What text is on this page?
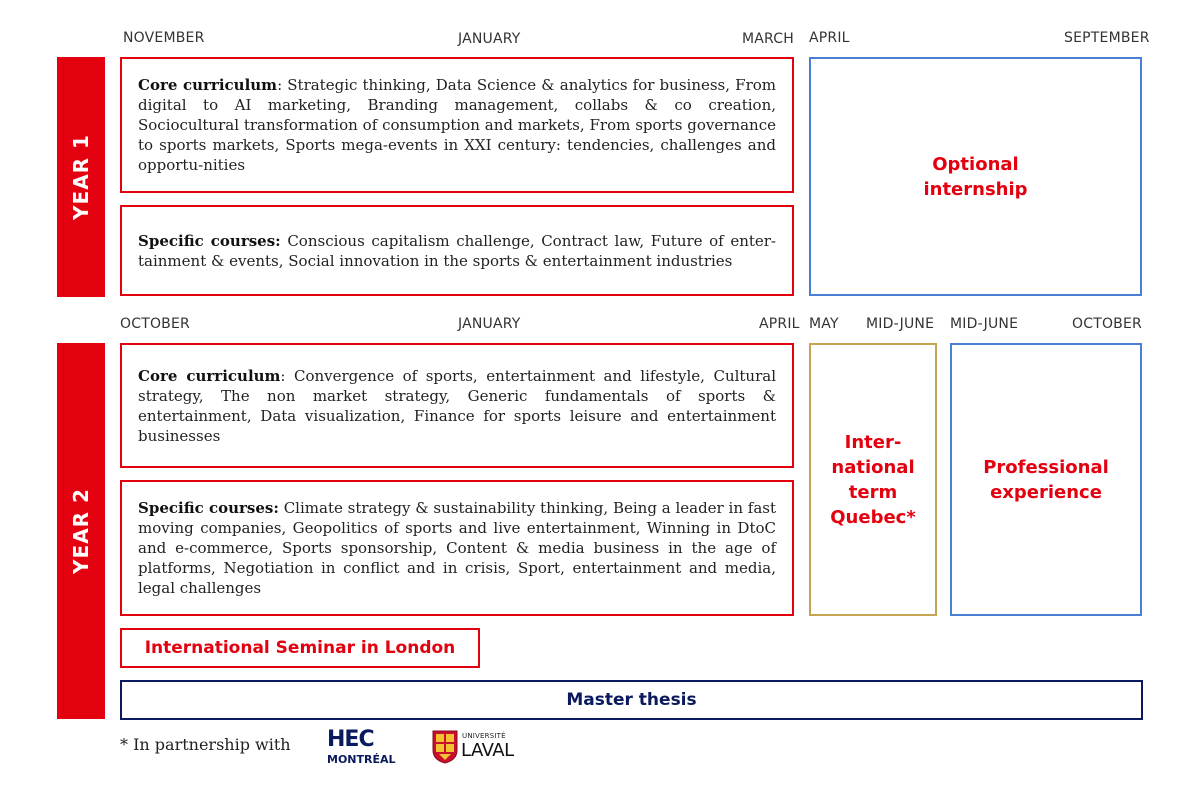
NOVEMBER	JANUARY	MARCH APRIL	SEPTEMBER
YEAR 1

Core curriculum: Strategic thinking, Data Science & analytics for business, From digital to AI marketing, Branding management, collabs & co creation, Sociocultural transformation of consumption and markets, From sports governance to sports markets, Sports mega-events in XXI century: tendencies, challenges and opportu-nities

Specific courses: Conscious capitalism challenge, Contract law, Future of enter-tainment & events, Social innovation in the sports & entertainment industries

Optional
internship
OCTOBER	JANUARY	APRIL MAY MID-JUNE MID-JUNE	OCTOBER
YEAR 2

Core curriculum: Convergence of sports, entertainment and lifestyle, Cultural strategy, The non market strategy, Generic fundamentals of sports & entertainment, Data visualization, Finance for sports leisure and entertainment businesses

Specific courses: Climate strategy & sustainability thinking, Being a leader in fast moving companies, Geopolitics of sports and live entertainment, Winning in DtoC and e-commerce, Sports sponsorship, Content & media business in the age of platforms, Negotiation in conflict and in crisis, Sport, entertainment and media, legal challenges

Inter-
national
term
Quebec*
Professional
experience
International Seminar in London
Master thesis
* In partnership with HEC
MONTRÉAL
UNIVERSITÉ
LAVAL
